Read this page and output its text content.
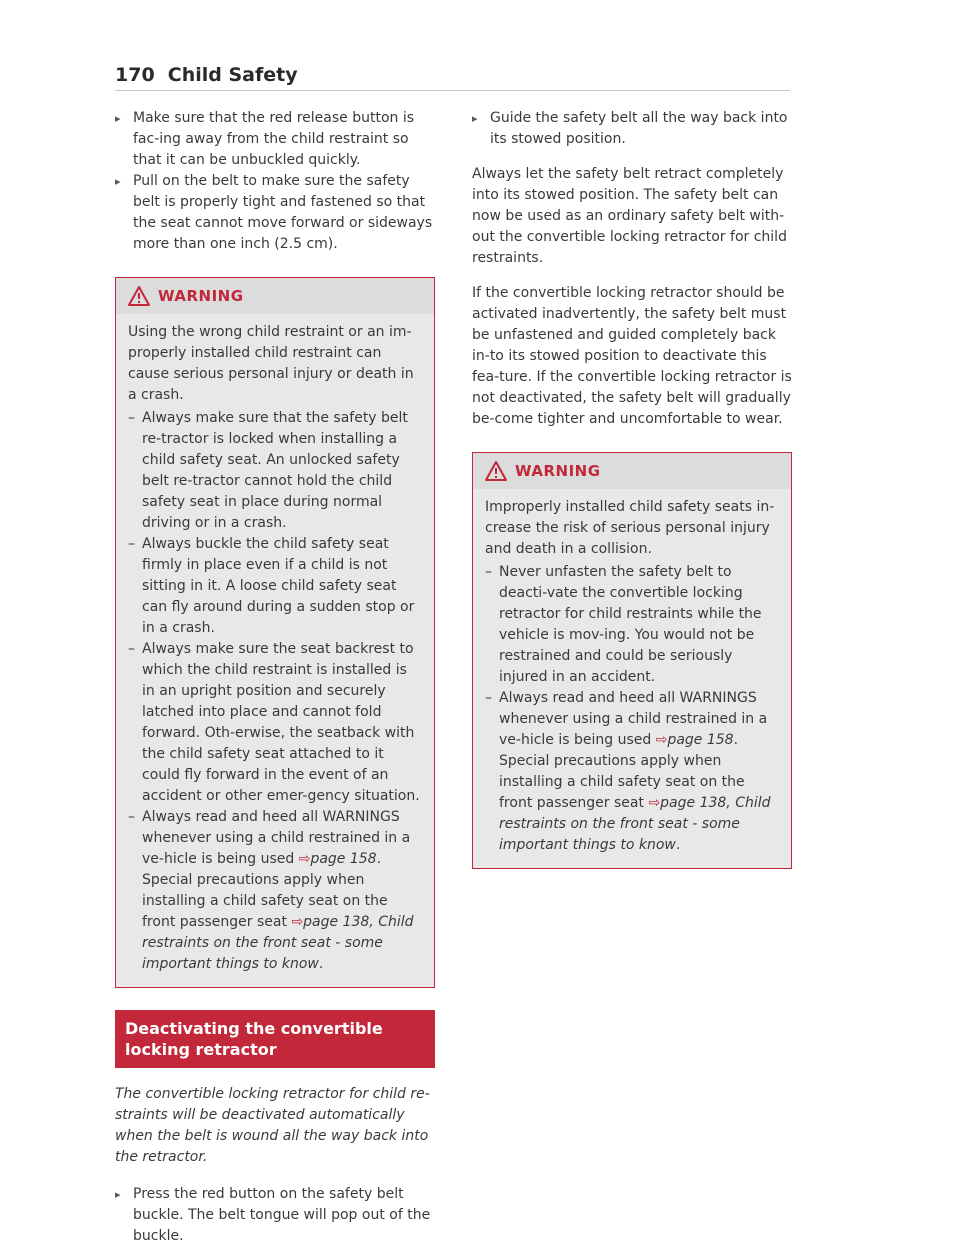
170 Child Safety
▸ Make sure that the red release button is fac-ing away from the child restraint so that it can be unbuckled quickly.
▸ Pull on the belt to make sure the safety belt is properly tight and fastened so that the seat cannot move forward or sideways more than one inch (2.5 cm).
WARNING

Using the wrong child restraint or an im-properly installed child restraint can cause serious personal injury or death in a crash.

– Always make sure that the safety belt re-tractor is locked when installing a child safety seat. An unlocked safety belt re-tractor cannot hold the child safety seat in place during normal driving or in a crash.
– Always buckle the child safety seat firmly in place even if a child is not sitting in it. A loose child safety seat can fly around during a sudden stop or in a crash.
– Always make sure the seat backrest to which the child restraint is installed is in an upright position and securely latched into place and cannot fold forward. Oth-erwise, the seatback with the child safety seat attached to it could fly forward in the event of an accident or other emer-gency situation.
– Always read and heed all WARNINGS whenever using a child restrained in a ve-hicle is being used ⇨page 158. Special precautions apply when installing a child safety seat on the front passenger seat ⇨page 138, Child restraints on the front seat - some important things to know.
Deactivating the convertible locking retractor

The convertible locking retractor for child re-straints will be deactivated automatically when the belt is wound all the way back into the retractor.

▸ Press the red button on the safety belt buckle. The belt tongue will pop out of the buckle.
▸ Guide the safety belt all the way back into its stowed position.

Always let the safety belt retract completely into its stowed position. The safety belt can now be used as an ordinary safety belt with-out the convertible locking retractor for child restraints.

If the convertible locking retractor should be activated inadvertently, the safety belt must be unfastened and guided completely back in-to its stowed position to deactivate this fea-ture. If the convertible locking retractor is not deactivated, the safety belt will gradually be-come tighter and uncomfortable to wear.

WARNING

Improperly installed child safety seats in-crease the risk of serious personal injury and death in a collision.

– Never unfasten the safety belt to deacti-vate the convertible locking retractor for child restraints while the vehicle is mov-ing. You would not be restrained and could be seriously injured in an accident.
– Always read and heed all WARNINGS whenever using a child restrained in a ve-hicle is being used ⇨page 158. Special precautions apply when installing a child safety seat on the front passenger seat ⇨page 138, Child restraints on the front seat - some important things to know.
